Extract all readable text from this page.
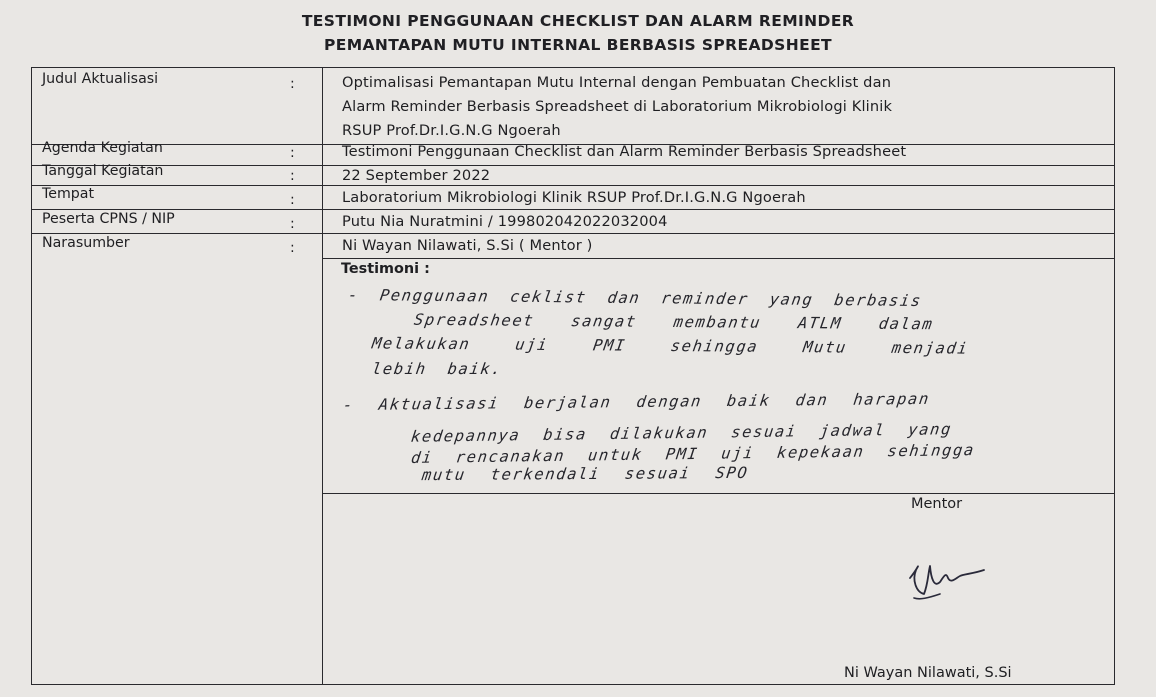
TESTIMONI PENGGUNAAN CHECKLIST DAN ALARM REMINDER
PEMANTAPAN MUTU INTERNAL BERBASIS SPREADSHEET
Judul Aktualisasi	:	Optimalisasi Pemantapan Mutu Internal dengan Pembuatan Checklist dan
Alarm Reminder Berbasis Spreadsheet di Laboratorium Mikrobiologi Klinik
RSUP Prof.Dr.I.G.N.G Ngoerah
Agenda Kegiatan	:	Testimoni Penggunaan Checklist dan Alarm Reminder Berbasis Spreadsheet
Tanggal Kegiatan	:	22 September 2022
Tempat	:	Laboratorium Mikrobiologi Klinik RSUP Prof.Dr.I.G.N.G Ngoerah
Peserta CPNS / NIP	:	Putu Nia Nuratmini / 199802042022032004
Narasumber	:	Ni Wayan Nilawati, S.Si ( Mentor )
Testimoni :
- Penggunaan ceklist dan reminder yang berbasis
Spreadsheet sangat membantu ATLM dalam
Melakukan uji PMI sehingga Mutu menjadi
lebih baik.
- Aktualisasi berjalan dengan baik dan harapan
kedepannya bisa dilakukan sesuai jadwal yang
di rencanakan untuk PMI uji kepekaan sehingga
mutu terkendali sesuai SPO
Mentor
Ni Wayan Nilawati, S.Si
